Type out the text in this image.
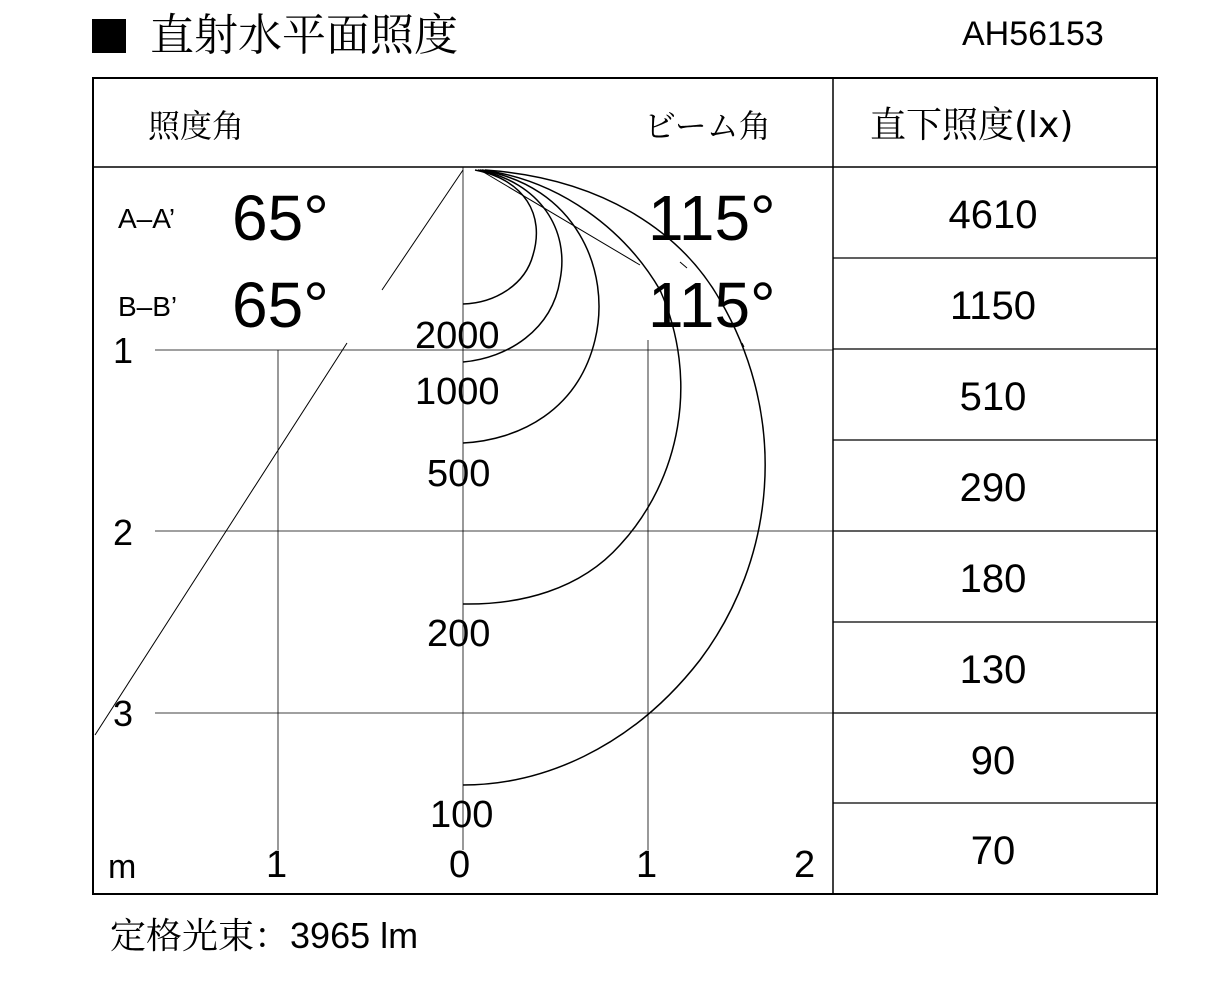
直射水平面照度	AH56153
照度角	ビーム角	直下照度(lx)
A–A’ 65°	115°
B–B’ 65°	115°
1
2
3
2000
1000
500
200
100
m	1	0	1	2
4610
1150
510
290
180
130
90
70
定格光束：3965 lm
